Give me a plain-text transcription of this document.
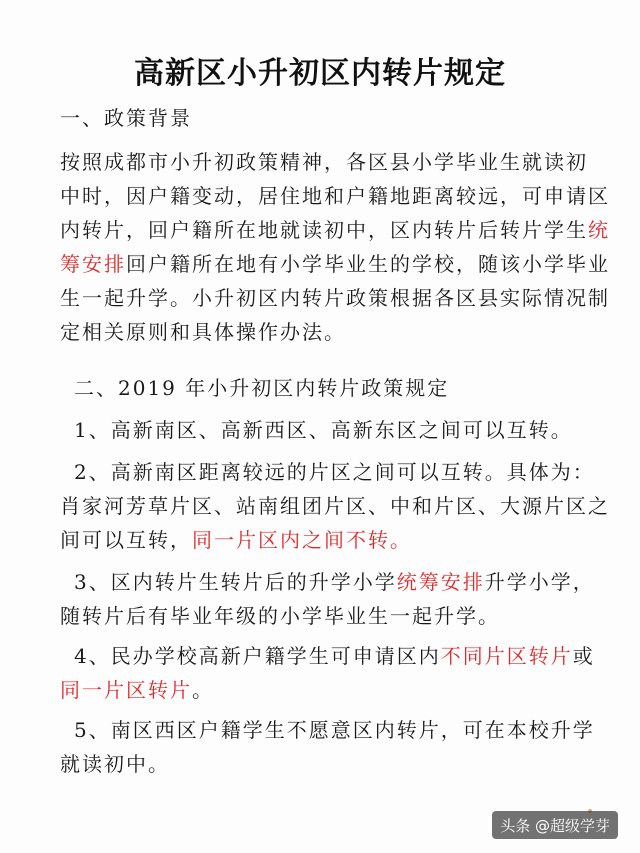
高新区小升初区内转片规定
一、政策背景
按照成都市小升初政策精神，各区县小学毕业生就读初
中时，因户籍变动，居住地和户籍地距离较远，可申请区
内转片，回户籍所在地就读初中，区内转片后转片学生统
筹安排回户籍所在地有小学毕业生的学校，随该小学毕业
生一起升学。小升初区内转片政策根据各区县实际情况制
定相关原则和具体操作办法。
二、2019 年小升初区内转片政策规定
1、高新南区、高新西区、高新东区之间可以互转。
2、高新南区距离较远的片区之间可以互转。具体为：
肖家河芳草片区、站南组团片区、中和片区、大源片区之
间可以互转，同一片区内之间不转。
3、区内转片生转片后的升学小学统筹安排升学小学，
随转片后有毕业年级的小学毕业生一起升学。
4、民办学校高新户籍学生可申请区内不同片区转片或
同一片区转片。
5、南区西区户籍学生不愿意区内转片，可在本校升学
就读初中。
头条 @超级学芽
